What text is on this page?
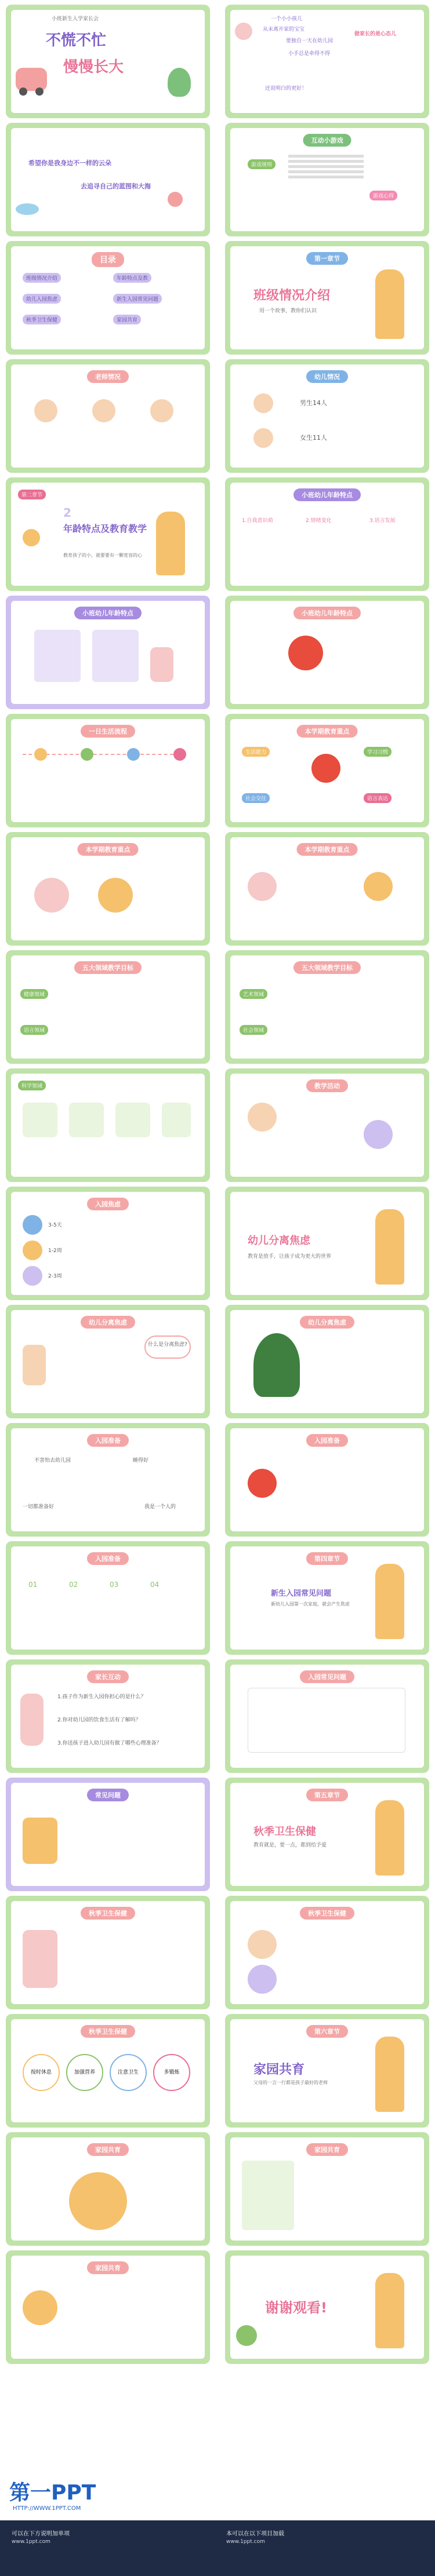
小班新生入学家长会
不慌不忙
慢慢长大
一个小小孩儿
从未离开家的宝宝
要独自一天在幼儿园
小手总是牵得不得
做家长的是心态儿
还说明白的更好！
希望你是我身边不一样的云朵
去追寻自己的蓝图和大海
互动小游戏
游戏规则
游戏心得
目录
班级情况介绍	年龄特点及教
幼儿入园焦虑	新生入园常见问题
秋季卫生保健	家园共育
第一章节
班级情况介绍
用一个故事，教你们认识
老师情况	幼儿情况
男生14人
女生11人
第二章节
2
年龄特点及教育教学
教育孩子的小，就要要有一颗宽容的心
小班幼儿年龄特点
1.自我意识萌	2.情绪变化	3.语言发展
小班幼儿年龄特点	小班幼儿年龄特点
一日生活流程	本学期教育重点
生活能力	学习习惯
社会交往	语言表达
本学期教育重点	本学期教育重点
五大领域教学目标
健康领域
语言领域
五大领域教学目标
艺术领域
社会领域
科学领域	教学活动
入园焦虑
3-5天
1-2周
2-3周
幼儿分离焦虑
教育是放手，让孩子成为更大的世界
幼儿分离焦虑
什么是分离焦虑?
幼儿分离焦虑
入园准备
不害怕去幼儿园	睡得好
一切都准备好	我是一个人的
入园准备
入园准备
01	02	03	04
第四章节
新生入园常见问题
新幼儿入园第一次家庭，就会产生焦虑
家长互动
1.孩子作为新生入园你担心的是什么？
2.你对幼儿园的饮食生活有了解吗？
3.你送孩子进入幼儿园有做了哪些心理准备？
入园常见问题
常见问题	第五章节
秋季卫生保健
教育就是，要一点，都到给予爱
秋季卫生保健	秋季卫生保健
秋季卫生保健
按时休息	加强营养	注意卫生	多锻炼
第六章节
家园共育
父母的一言一行都是孩子最好的老师
家园共育	家园共育
家园共育
谢谢观看!
第一PPT
HTTP://WWW.1PPT.COM
可以在下方说明加单项
www.1ppt.com
本可以在以下项目加载
www.1ppt.com
